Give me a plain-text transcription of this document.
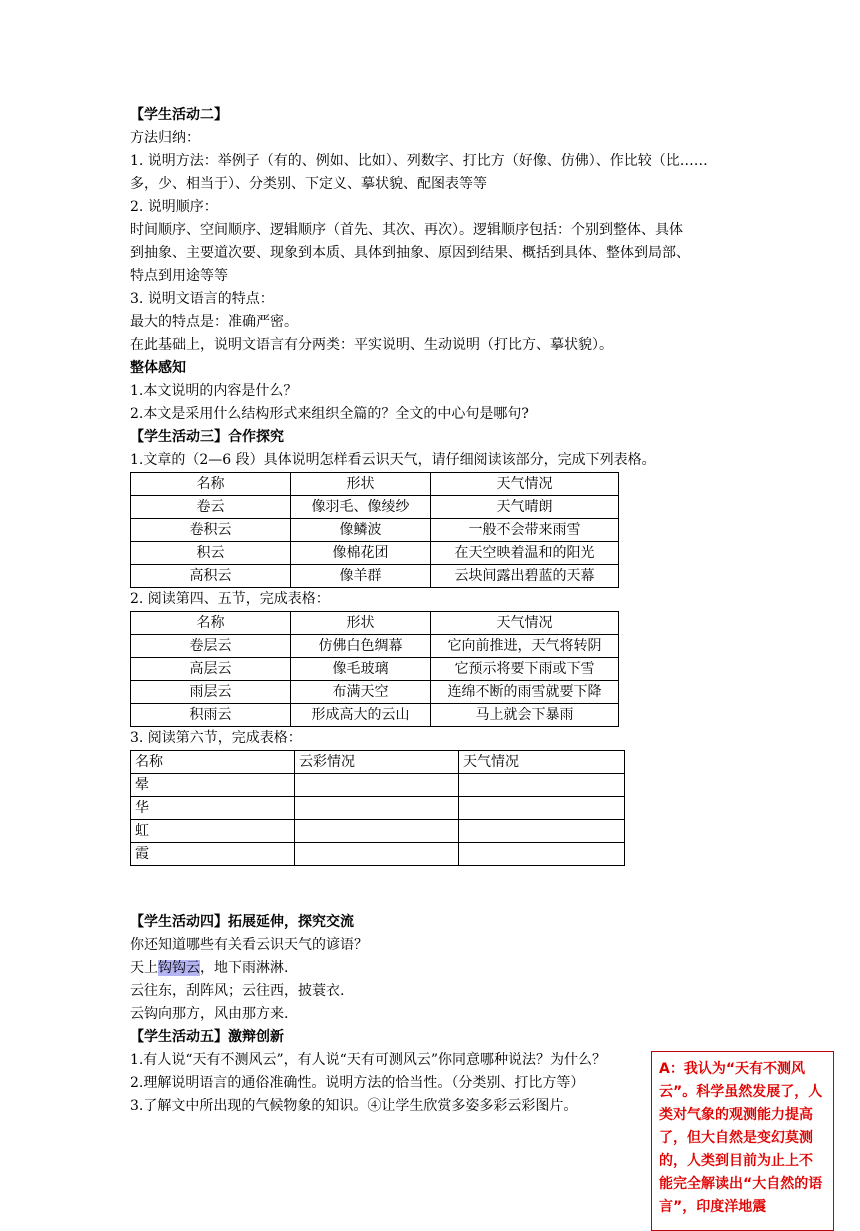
【学生活动二】
方法归纳：
1. 说明方法：举例子（有的、例如、比如）、列数字、打比方（好像、仿佛）、作比较（比……
多，少、相当于）、分类别、下定义、摹状貌、配图表等等
2. 说明顺序：
时间顺序、空间顺序、逻辑顺序（首先、其次、再次）。逻辑顺序包括：个别到整体、具体
到抽象、主要道次要、现象到本质、具体到抽象、原因到结果、概括到具体、整体到局部、
特点到用途等等
3. 说明文语言的特点：
最大的特点是：准确严密。
在此基础上，说明文语言有分两类：平实说明、生动说明（打比方、摹状貌）。
整体感知
1.本文说明的内容是什么？
2.本文是采用什么结构形式来组织全篇的？全文的中心句是哪句?
【学生活动三】合作探究
1.文章的（2—6 段）具体说明怎样看云识天气，请仔细阅读该部分，完成下列表格。
名称	形状	天气情况
卷云	像羽毛、像绫纱	天气晴朗
卷积云	像鳞波	一般不会带来雨雪
积云	像棉花团	在天空映着温和的阳光
高积云	像羊群	云块间露出碧蓝的天幕
2. 阅读第四、五节，完成表格：
名称	形状	天气情况
卷层云	仿佛白色绸幕	它向前推进，天气将转阴
高层云	像毛玻璃	它预示将要下雨或下雪
雨层云	布满天空	连绵不断的雨雪就要下降
积雨云	形成高大的云山	马上就会下暴雨
3. 阅读第六节，完成表格：
名称	云彩情况	天气情况
晕		
华		
虹		
霞		
【学生活动四】拓展延伸，探究交流
你还知道哪些有关看云识天气的谚语？
天上钩钩云，地下雨淋淋.
云往东，刮阵风；云往西，披蓑衣.
云钩向那方，风由那方来.
【学生活动五】激辩创新
1.有人说“天有不测风云”，有人说“天有可测风云”你同意哪种说法？为什么？
2.理解说明语言的通俗准确性。说明方法的恰当性。（分类别、打比方等）
3.了解文中所出现的气候物象的知识。④让学生欣赏多姿多彩云彩图片。
A：我认为“天有不测风云”。科学虽然发展了，人类对气象的观测能力提高了，但大自然是变幻莫测的，人类到目前为止上不能完全解读出“大自然的语言”，印度洋地震
